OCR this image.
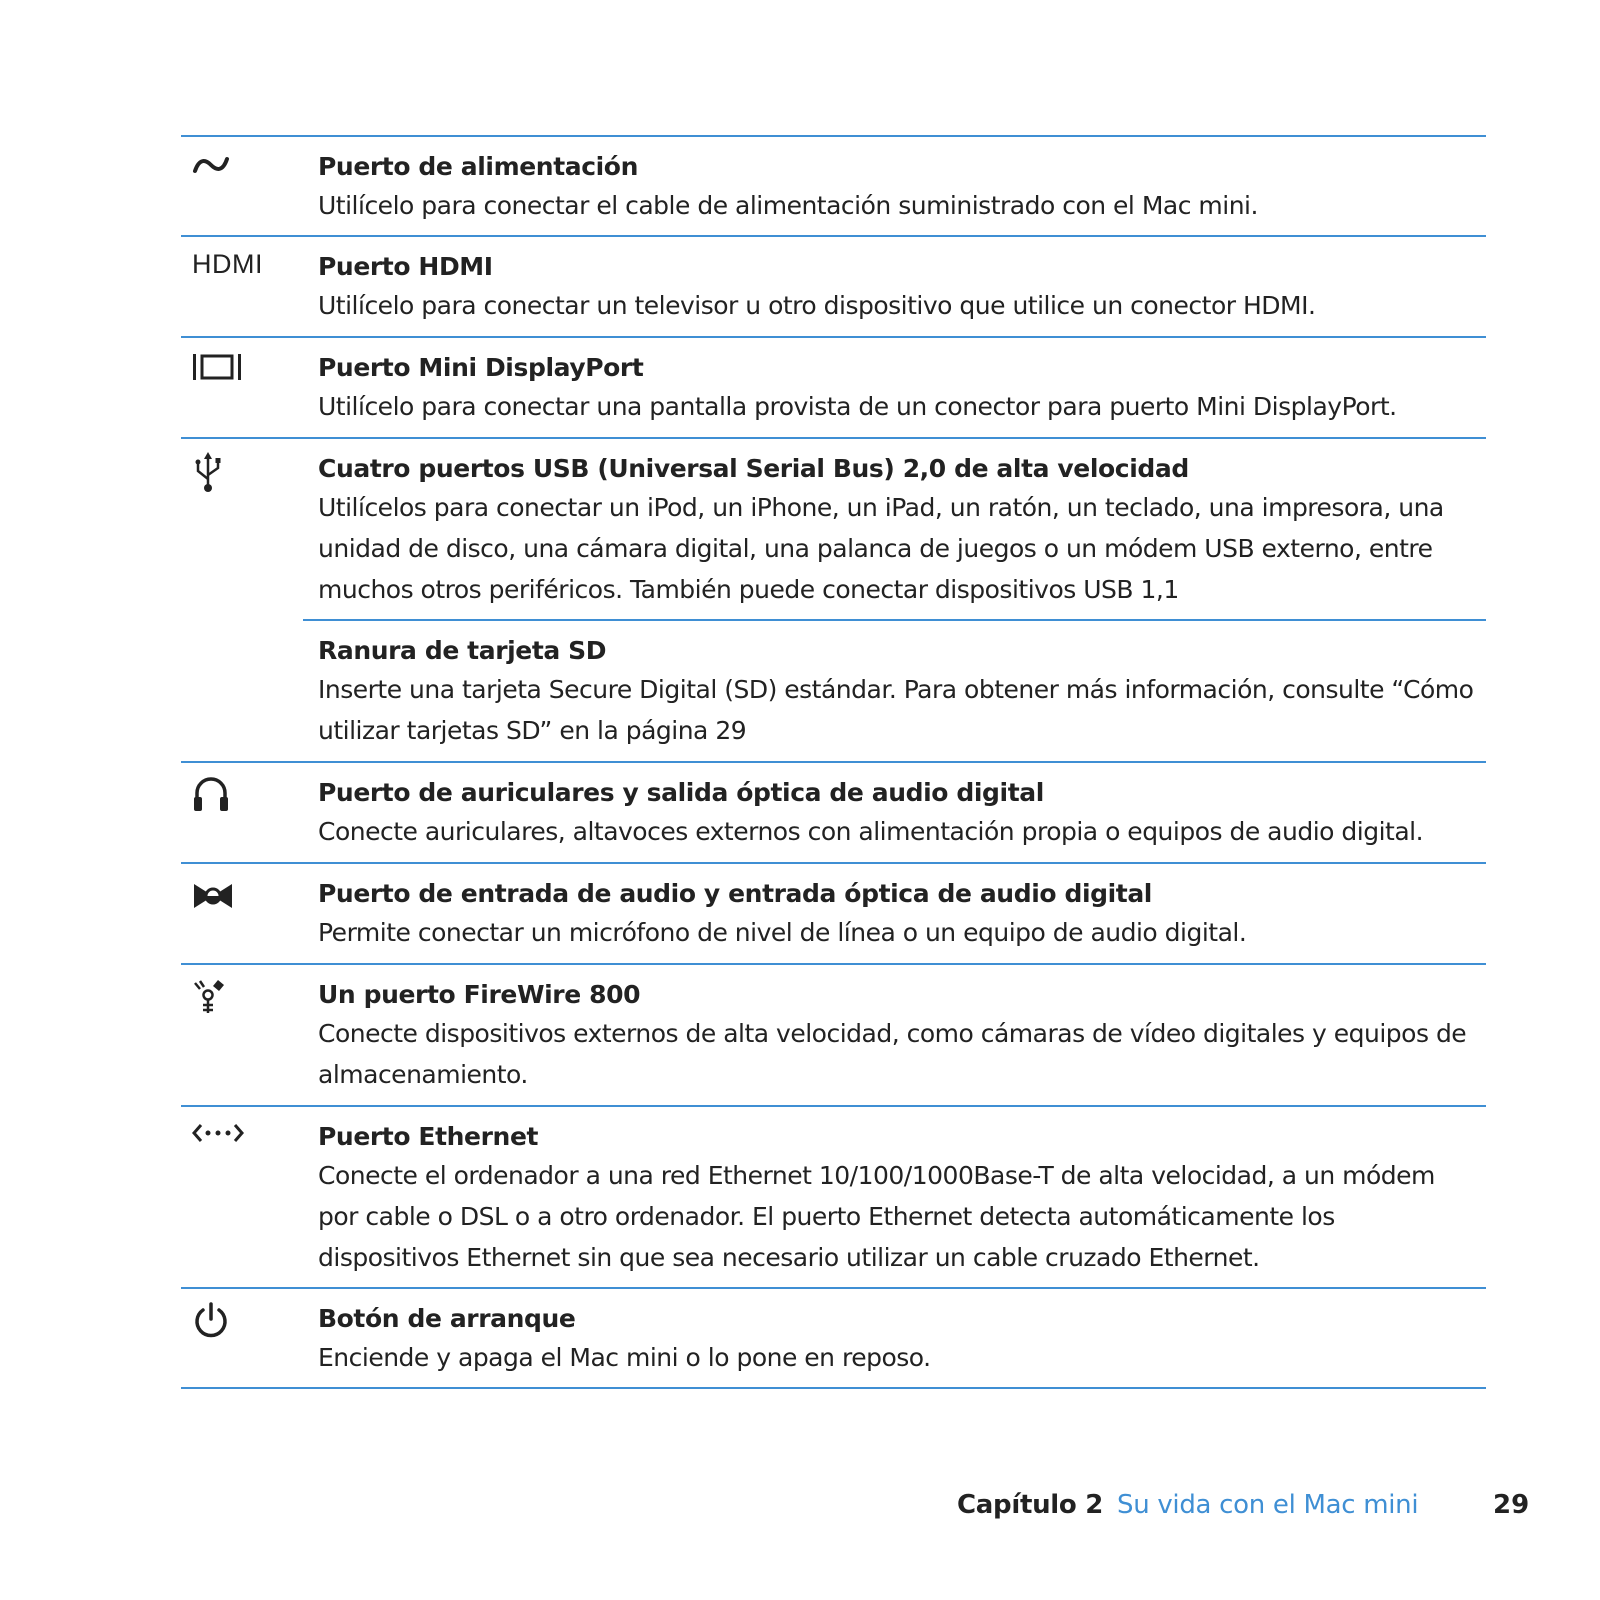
Puerto de alimentación
Utilícelo para conectar el cable de alimentación suministrado con el Mac mini.
HDMI Puerto HDMI
Utilícelo para conectar un televisor u otro dispositivo que utilice un conector HDMI.
Puerto Mini DisplayPort
Utilícelo para conectar una pantalla provista de un conector para puerto Mini DisplayPort.
Cuatro puertos USB (Universal Serial Bus) 2,0 de alta velocidad
Utilícelos para conectar un iPod, un iPhone, un iPad, un ratón, un teclado, una impresora, una unidad de disco, una cámara digital, una palanca de juegos o un módem USB externo, entre muchos otros periféricos. También puede conectar dispositivos USB 1,1
Ranura de tarjeta SD
Inserte una tarjeta Secure Digital (SD) estándar. Para obtener más información, consulte “Cómo utilizar tarjetas SD” en la página 29
Puerto de auriculares y salida óptica de audio digital
Conecte auriculares, altavoces externos con alimentación propia o equipos de audio digital.
Puerto de entrada de audio y entrada óptica de audio digital
Permite conectar un micrófono de nivel de línea o un equipo de audio digital.
Un puerto FireWire 800
Conecte dispositivos externos de alta velocidad, como cámaras de vídeo digitales y equipos de almacenamiento.
Puerto Ethernet
Conecte el ordenador a una red Ethernet 10/100/1000Base-T de alta velocidad, a un módem por cable o DSL o a otro ordenador. El puerto Ethernet detecta automáticamente los dispositivos Ethernet sin que sea necesario utilizar un cable cruzado Ethernet.
Botón de arranque
Enciende y apaga el Mac mini o lo pone en reposo.
Capítulo 2 Su vida con el Mac mini	29
